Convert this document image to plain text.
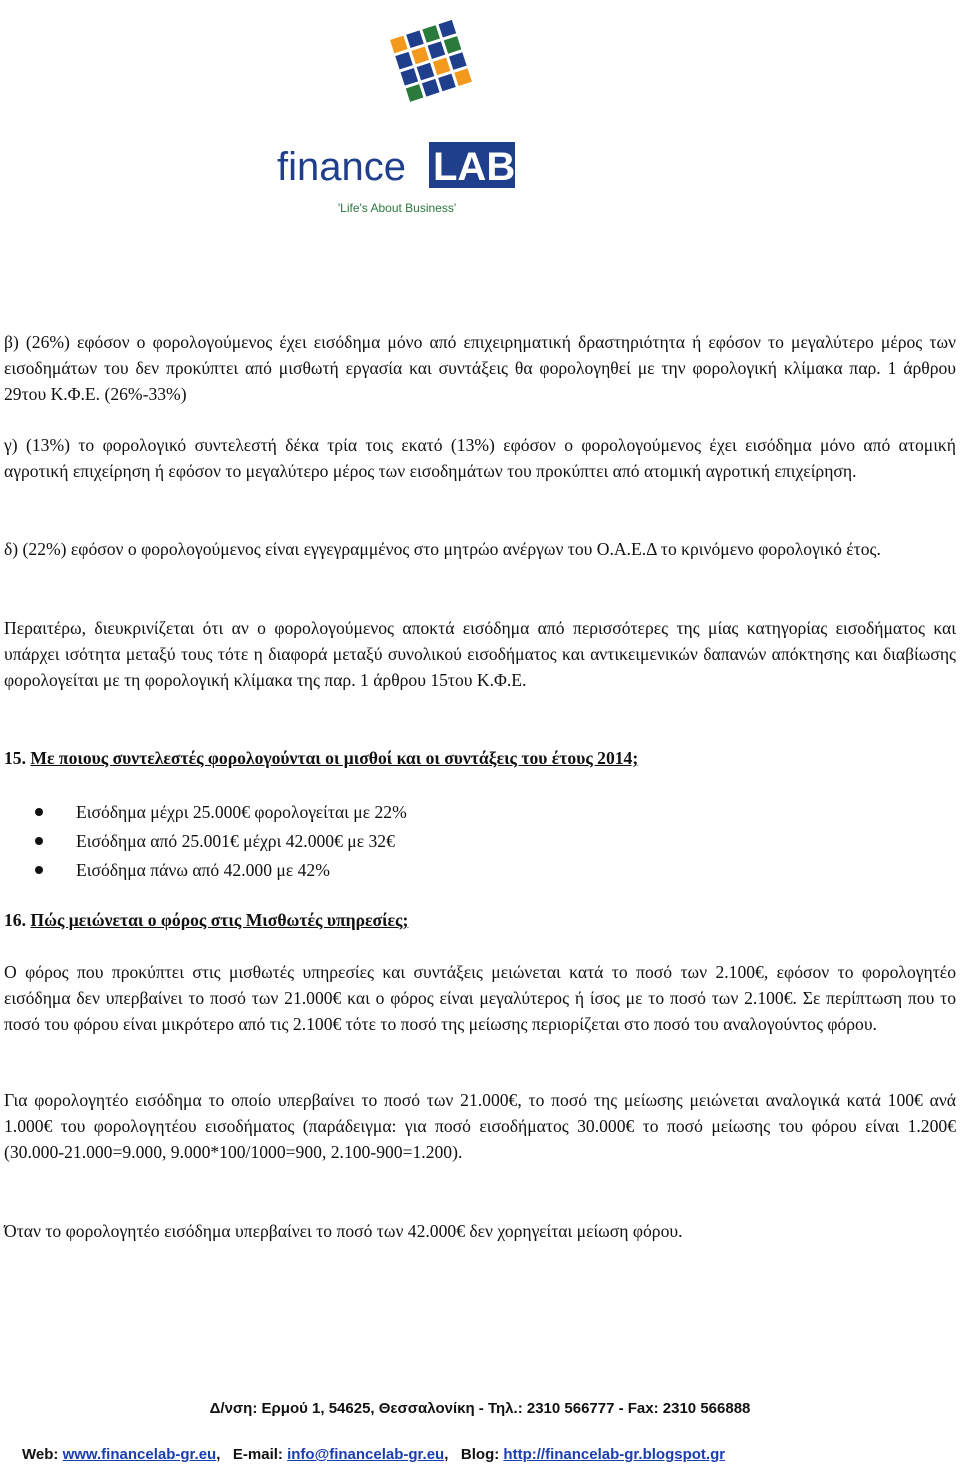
finance LAB
'Life's About Business'

β) (26%) εφόσον ο φορολογούμενος έχει εισόδημα μόνο από επιχειρηματική δραστηριότητα ή εφόσον το μεγαλύτερο μέρος των εισοδημάτων του δεν προκύπτει από μισθωτή εργασία και συντάξεις θα φορολογηθεί με την φορολογική κλίμακα παρ. 1 άρθρου 29του Κ.Φ.Ε. (26%-33%)

γ) (13%) το φορολογικό συντελεστή δέκα τρία τοις εκατό (13%) εφόσον ο φορολογούμενος έχει εισόδημα μόνο από ατομική αγροτική επιχείρηση ή εφόσον το μεγαλύτερο μέρος των εισοδημάτων του προκύπτει από ατομική αγροτική επιχείρηση.

δ) (22%) εφόσον ο φορολογούμενος είναι εγγεγραμμένος στο μητρώο ανέργων του Ο.Α.Ε.Δ το κρινόμενο φορολογικό έτος.

Περαιτέρω, διευκρινίζεται ότι αν ο φορολογούμενος αποκτά εισόδημα από περισσότερες της μίας κατηγορίας εισοδήματος και υπάρχει ισότητα μεταξύ τους τότε η διαφορά μεταξύ συνολικού εισοδήματος και αντικειμενικών δαπανών απόκτησης και διαβίωσης φορολογείται με τη φορολογική κλίμακα της παρ. 1 άρθρου 15του Κ.Φ.Ε.

15. Με ποιους συντελεστές φορολογούνται οι μισθοί και οι συντάξεις του έτους 2014;

Εισόδημα μέχρι 25.000€ φορολογείται με 22%
Εισόδημα από 25.001€ μέχρι 42.000€ με 32€
Εισόδημα πάνω από 42.000 με 42%

16. Πώς μειώνεται ο φόρος στις Μισθωτές υπηρεσίες;

Ο φόρος που προκύπτει στις μισθωτές υπηρεσίες και συντάξεις μειώνεται κατά το ποσό των 2.100€, εφόσον το φορολογητέο εισόδημα δεν υπερβαίνει το ποσό των 21.000€ και ο φόρος είναι μεγαλύτερος ή ίσος με το ποσό των 2.100€. Σε περίπτωση που το ποσό του φόρου είναι μικρότερο από τις 2.100€ τότε το ποσό της μείωσης περιορίζεται στο ποσό του αναλογούντος φόρου.

Για φορολογητέο εισόδημα το οποίο υπερβαίνει το ποσό των 21.000€, το ποσό της μείωσης μειώνεται αναλογικά κατά 100€ ανά 1.000€ του φορολογητέου εισοδήματος (παράδειγμα: για ποσό εισοδήματος 30.000€ το ποσό μείωσης του φόρου είναι 1.200€ (30.000-21.000=9.000, 9.000*100/1000=900, 2.100-900=1.200).

Όταν το φορολογητέο εισόδημα υπερβαίνει το ποσό των 42.000€ δεν χορηγείται μείωση φόρου.

Δ/νση: Ερμού 1, 54625, Θεσσαλονίκη - Τηλ.: 2310 566777 - Fax: 2310 566888
Web: www.financelab-gr.eu,   E-mail: info@financelab-gr.eu,   Blog: http://financelab-gr.blogspot.gr
